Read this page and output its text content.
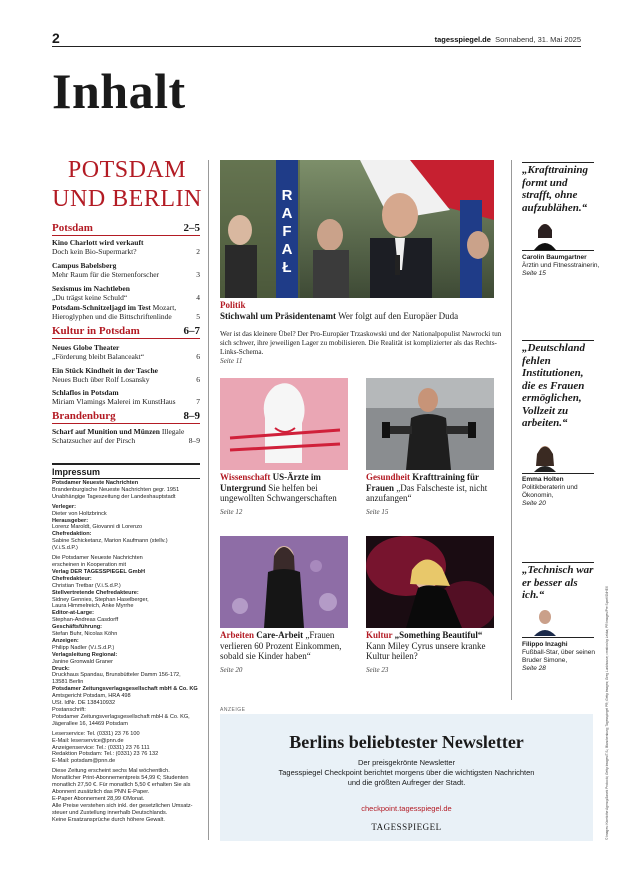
2	tagesspiegel.de Sonnabend, 31. Mai 2025
Inhalt
POTSDAM
UND BERLIN
Potsdam	2–5
Kino Charlott wird verkauft
Doch kein Bio-Supermarkt?	2
Campus Babelsberg
Mehr Raum für die Sternenforscher	3
Sexismus im Nachtleben
„Du trägst keine Schuld“	4
Potsdam-Schnitzeljagd im Test Mozart,
Hieroglyphen und die Bittschriftenlinde	5
Kultur in Potsdam	6–7
Neues Globe Theater
„Förderung bleibt Balanceakt“	6
Ein Stück Kindheit in der Tasche
Neues Buch über Rolf Losansky	6
Schlaflos in Potsdam
Miriam Vlamings Malerei im KunstHaus	7
Brandenburg	8–9
Scharf auf Munition und Münzen Illegale
Schatzsucher auf der Pirsch	8–9
Impressum
Potsdamer Neueste Nachrichten
Brandenburgische Neueste Nachrichten gegr. 1951
Unabhängige Tageszeitung der Landeshauptstadt
Verleger:
Dieter von Holtzbrinck
Herausgeber:
Lorenz Maroldt, Giovanni di Lorenzo
Chefredaktion:
Sabine Schicketanz, Marion Kaufmann (stellv.)
(V.i.S.d.P.)
Die Potsdamer Neueste Nachrichten
erscheinen in Kooperation mit
Verlag DER TAGESSPIEGEL GmbH
Chefredakteur:
Christian Tretbar (V.i.S.d.P.)
Stellvertretende Chefredakteure:
Sidney Gennies, Stephan Haselberger,
Laura Himmelreich, Anke Myrrhe
Editor-at-Large:
Stephan-Andreas Casdorff
Geschäftsführung:
Stefan Buhr, Nicolas Köhn
Anzeigen:
Philipp Nadler (V.i.S.d.P.)
Verlagsleitung Regional:
Janine Gronwald Graner
Druck:
Druckhaus Spandau, Brunsbütteler Damm 156-172,
13581 Berlin
Potsdamer Zeitungsverlagsgesellschaft mbH & Co. KG
Amtsgericht Potsdam, HRA 498
USt. IdNr. DE 138410932
Postanschrift:
Potsdamer Zeitungsverlagsgesellschaft mbH & Co. KG,
Jägerallee 16, 14469 Potsdam
Leserservice: Tel. (0331) 23 76 100
E-Mail: leserservice@pnn.de
Anzeigenservice: Tel.: (0331) 23 76 111
Redaktion Potsdam: Tel.: (0331) 23 76 132
E-Mail: potsdam@pnn.de
Diese Zeitung erscheint sechs Mal wöchentlich.
Monatlicher Print-Abonnementpreis 54,99 €; Studenten
monatlich 27,50 €. Für monatlich 5,50 € erhalten Sie als
Abonnent zusätzlich das PNN E-Paper.
E-Paper Abonnement 28,99 €/Monat.
Alle Preise verstehen sich inkl. der gesetzlichen Umsatz-
steuer und Zustellung innerhalb Deutschlands.
Keine Ersatzansprüche durch höhere Gewalt.
R A F A Ł
Politik
Stichwahl um Präsidentenamt Wer folgt auf den Europäer Duda
Wer ist das kleinere Übel? Der Pro-Europäer Trzaskowski und der Nationalpopulist Nawrocki tun sich schwer, ihre jeweiligen Lager zu mobilisieren. Die Realität ist komplizierter als das Rechts-Links-Schema.
Seite 11
Wissenschaft US-Ärzte im Untergrund Sie helfen bei ungewollten Schwangerschaften
Seite 12
Gesundheit Krafttraining für Frauen „Das Falscheste ist, nicht anzufangen“
Seite 15
Arbeiten Care-Arbeit „Frauen verlieren 60 Prozent Einkommen, sobald sie Kinder haben“
Seite 20
Kultur „Something Beautiful“ Kann Miley Cyrus unsere kranke Kultur heilen?
Seite 23
„Krafttraining formt und strafft, ohne aufzublähen.“
Carolin Baumgartner
Ärztin und Fitnesstrainerin,
Seite 15
„Deutschland fehlen Institutionen, die es Frauen ermöglichen, Vollzeit zu arbeiten.“
Emma Holten
Politikberaterin und Ökonomin,
Seite 20
„Technisch war er besser als ich.“
Filippo Inzaghi
Fußball-Star, über seinen Bruder Simone,
Seite 28
ANZEIGE
Berlins beliebtester Newsletter
Der preisgekrönte Newsletter
Tagesspiegel Checkpoint berichtet morgens über die wichtigsten Nachrichten
und die größten Aufreger der Stadt.
checkpoint.tagesspiegel.de
TAGESSPIEGEL	© Images: Kineticthe Agency/Janek Prokocki; Getty Images/T.S.; Blanchenburg; Tagesspiegel PR; Getty Images; Greg Lunkhouse; creation by Lekka; PR Images/Pre Sport/SNHEX
